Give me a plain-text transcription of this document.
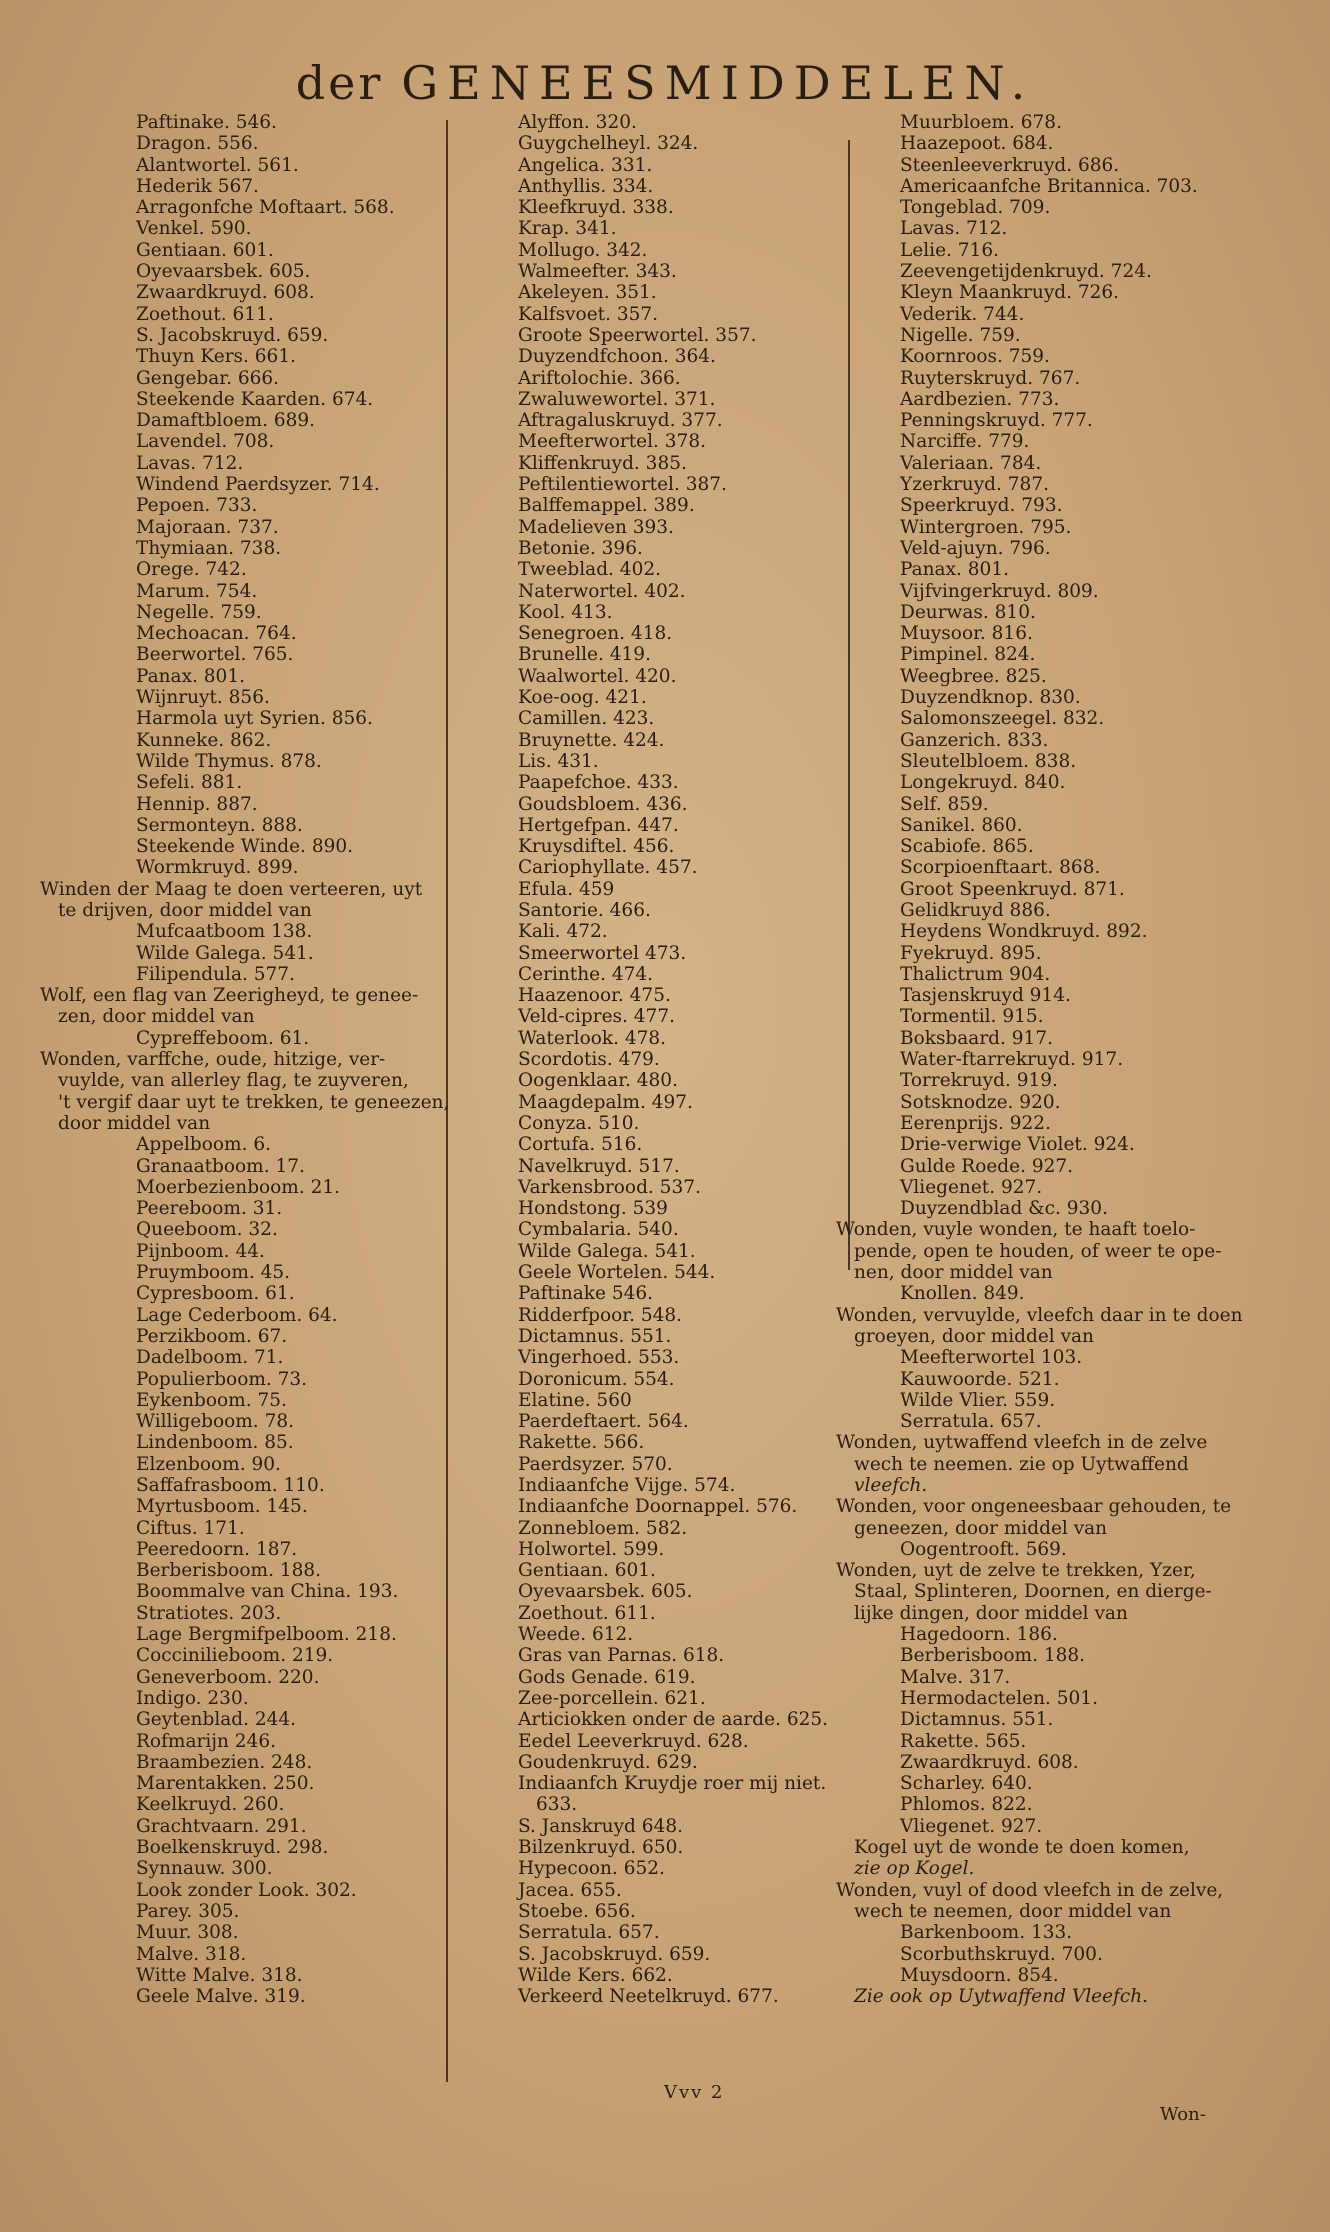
der GENEESMIDDELEN.
Paftinake. 546.
Dragon. 556.
Alantwortel. 561.
Hederik 567.
Arragonfche Moftaart. 568.
Venkel. 590.
Gentiaan. 601.
Oyevaarsbek. 605.
Zwaardkruyd. 608.
Zoethout. 611.
S. Jacobskruyd. 659.
Thuyn Kers. 661.
Gengebar. 666.
Steekende Kaarden. 674.
Damaftbloem. 689.
Lavendel. 708.
Lavas. 712.
Windend Paerdsyzer. 714.
Pepoen. 733.
Majoraan. 737.
Thymiaan. 738.
Orege. 742.
Marum. 754.
Negelle. 759.
Mechoacan. 764.
Beerwortel. 765.
Panax. 801.
Wijnruyt. 856.
Harmola uyt Syrien. 856.
Kunneke. 862.
Wilde Thymus. 878.
Sefeli. 881.
Hennip. 887.
Sermonteyn. 888.
Steekende Winde. 890.
Wormkruyd. 899.
Winden der Maag te doen verteeren, uyt
te drijven, door middel van
Mufcaatboom 138.
Wilde Galega. 541.
Filipendula. 577.
Wolf, een flag van Zeerigheyd, te genee-
zen, door middel van
Cypreffeboom. 61.
Wonden, varffche, oude, hitzige, ver-
vuylde, van allerley flag, te zuyveren,
't vergif daar uyt te trekken, te geneezen,
door middel van
Appelboom. 6.
Granaatboom. 17.
Moerbezienboom. 21.
Peereboom. 31.
Queeboom. 32.
Pijnboom. 44.
Pruymboom. 45.
Cypresboom. 61.
Lage Cederboom. 64.
Perzikboom. 67.
Dadelboom. 71.
Populierboom. 73.
Eykenboom. 75.
Willigeboom. 78.
Lindenboom. 85.
Elzenboom. 90.
Saffafrasboom. 110.
Myrtusboom. 145.
Ciftus. 171.
Peeredoorn. 187.
Berberisboom. 188.
Boommalve van China. 193.
Stratiotes. 203.
Lage Bergmifpelboom. 218.
Coccinilieboom. 219.
Geneverboom. 220.
Indigo. 230.
Geytenblad. 244.
Rofmarijn 246.
Braambezien. 248.
Marentakken. 250.
Keelkruyd. 260.
Grachtvaarn. 291.
Boelkenskruyd. 298.
Synnauw. 300.
Look zonder Look. 302.
Parey. 305.
Muur. 308.
Malve. 318.
Witte Malve. 318.
Geele Malve. 319.
Alyffon. 320.
Guygchelheyl. 324.
Angelica. 331.
Anthyllis. 334.
Kleefkruyd. 338.
Krap. 341.
Mollugo. 342.
Walmeefter. 343.
Akeleyen. 351.
Kalfsvoet. 357.
Groote Speerwortel. 357.
Duyzendfchoon. 364.
Ariftolochie. 366.
Zwaluwewortel. 371.
Aftragaluskruyd. 377.
Meefterwortel. 378.
Kliffenkruyd. 385.
Peftilentiewortel. 387.
Balffemappel. 389.
Madelieven 393.
Betonie. 396.
Tweeblad. 402.
Naterwortel. 402.
Kool. 413.
Senegroen. 418.
Brunelle. 419.
Waalwortel. 420.
Koe-oog. 421.
Camillen. 423.
Bruynette. 424.
Lis. 431.
Paapefchoe. 433.
Goudsbloem. 436.
Hertgefpan. 447.
Kruysdiftel. 456.
Cariophyllate. 457.
Efula. 459
Santorie. 466.
Kali. 472.
Smeerwortel 473.
Cerinthe. 474.
Haazenoor. 475.
Veld-cipres. 477.
Waterlook. 478.
Scordotis. 479.
Oogenklaar. 480.
Maagdepalm. 497.
Conyza. 510.
Cortufa. 516.
Navelkruyd. 517.
Varkensbrood. 537.
Hondstong. 539
Cymbalaria. 540.
Wilde Galega. 541.
Geele Wortelen. 544.
Paftinake 546.
Ridderfpoor. 548.
Dictamnus. 551.
Vingerhoed. 553.
Doronicum. 554.
Elatine. 560
Paerdeftaert. 564.
Rakette. 566.
Paerdsyzer. 570.
Indiaanfche Vijge. 574.
Indiaanfche Doornappel. 576.
Zonnebloem. 582.
Holwortel. 599.
Gentiaan. 601.
Oyevaarsbek. 605.
Zoethout. 611.
Weede. 612.
Gras van Parnas. 618.
Gods Genade. 619.
Zee-porcellein. 621.
Articiokken onder de aarde. 625.
Eedel Leeverkruyd. 628.
Goudenkruyd. 629.
Indiaanfch Kruydje roer mij niet.
633.
S. Janskruyd 648.
Bilzenkruyd. 650.
Hypecoon. 652.
Jacea. 655.
Stoebe. 656.
Serratula. 657.
S. Jacobskruyd. 659.
Wilde Kers. 662.
Verkeerd Neetelkruyd. 677.
Muurbloem. 678.
Haazepoot. 684.
Steenleeverkruyd. 686.
Americaanfche Britannica. 703.
Tongeblad. 709.
Lavas. 712.
Lelie. 716.
Zeevengetijdenkruyd. 724.
Kleyn Maankruyd. 726.
Vederik. 744.
Nigelle. 759.
Koornroos. 759.
Ruyterskruyd. 767.
Aardbezien. 773.
Penningskruyd. 777.
Narciffe. 779.
Valeriaan. 784.
Yzerkruyd. 787.
Speerkruyd. 793.
Wintergroen. 795.
Veld-ajuyn. 796.
Panax. 801.
Vijfvingerkruyd. 809.
Deurwas. 810.
Muysoor. 816.
Pimpinel. 824.
Weegbree. 825.
Duyzendknop. 830.
Salomonszeegel. 832.
Ganzerich. 833.
Sleutelbloem. 838.
Longekruyd. 840.
Self. 859.
Sanikel. 860.
Scabiofe. 865.
Scorpioenftaart. 868.
Groot Speenkruyd. 871.
Gelidkruyd 886.
Heydens Wondkruyd. 892.
Fyekruyd. 895.
Thalictrum 904.
Tasjenskruyd 914.
Tormentil. 915.
Boksbaard. 917.
Water-ftarrekruyd. 917.
Torrekruyd. 919.
Sotsknodze. 920.
Eerenprijs. 922.
Drie-verwige Violet. 924.
Gulde Roede. 927.
Vliegenet. 927.
Duyzendblad &c. 930.
Wonden, vuyle wonden, te haaft toelo-
pende, open te houden, of weer te ope-
nen, door middel van
Knollen. 849.
Wonden, vervuylde, vleefch daar in te doen
groeyen, door middel van
Meefterwortel 103.
Kauwoorde. 521.
Wilde Vlier. 559.
Serratula. 657.
Wonden, uytwaffend vleefch in de zelve
wech te neemen. zie op Uytwaffend
vleefch.
Wonden, voor ongeneesbaar gehouden, te
geneezen, door middel van
Oogentrooft. 569.
Wonden, uyt de zelve te trekken, Yzer,
Staal, Splinteren, Doornen, en dierge-
lijke dingen, door middel van
Hagedoorn. 186.
Berberisboom. 188.
Malve. 317.
Hermodactelen. 501.
Dictamnus. 551.
Rakette. 565.
Zwaardkruyd. 608.
Scharley. 640.
Phlomos. 822.
Vliegenet. 927.
Kogel uyt de wonde te doen komen,
zie op Kogel.
Wonden, vuyl of dood vleefch in de zelve,
wech te neemen, door middel van
Barkenboom. 133.
Scorbuthskruyd. 700.
Muysdoorn. 854.
Zie ook op Uytwaffend Vleefch.
Vvv 2
Won-
